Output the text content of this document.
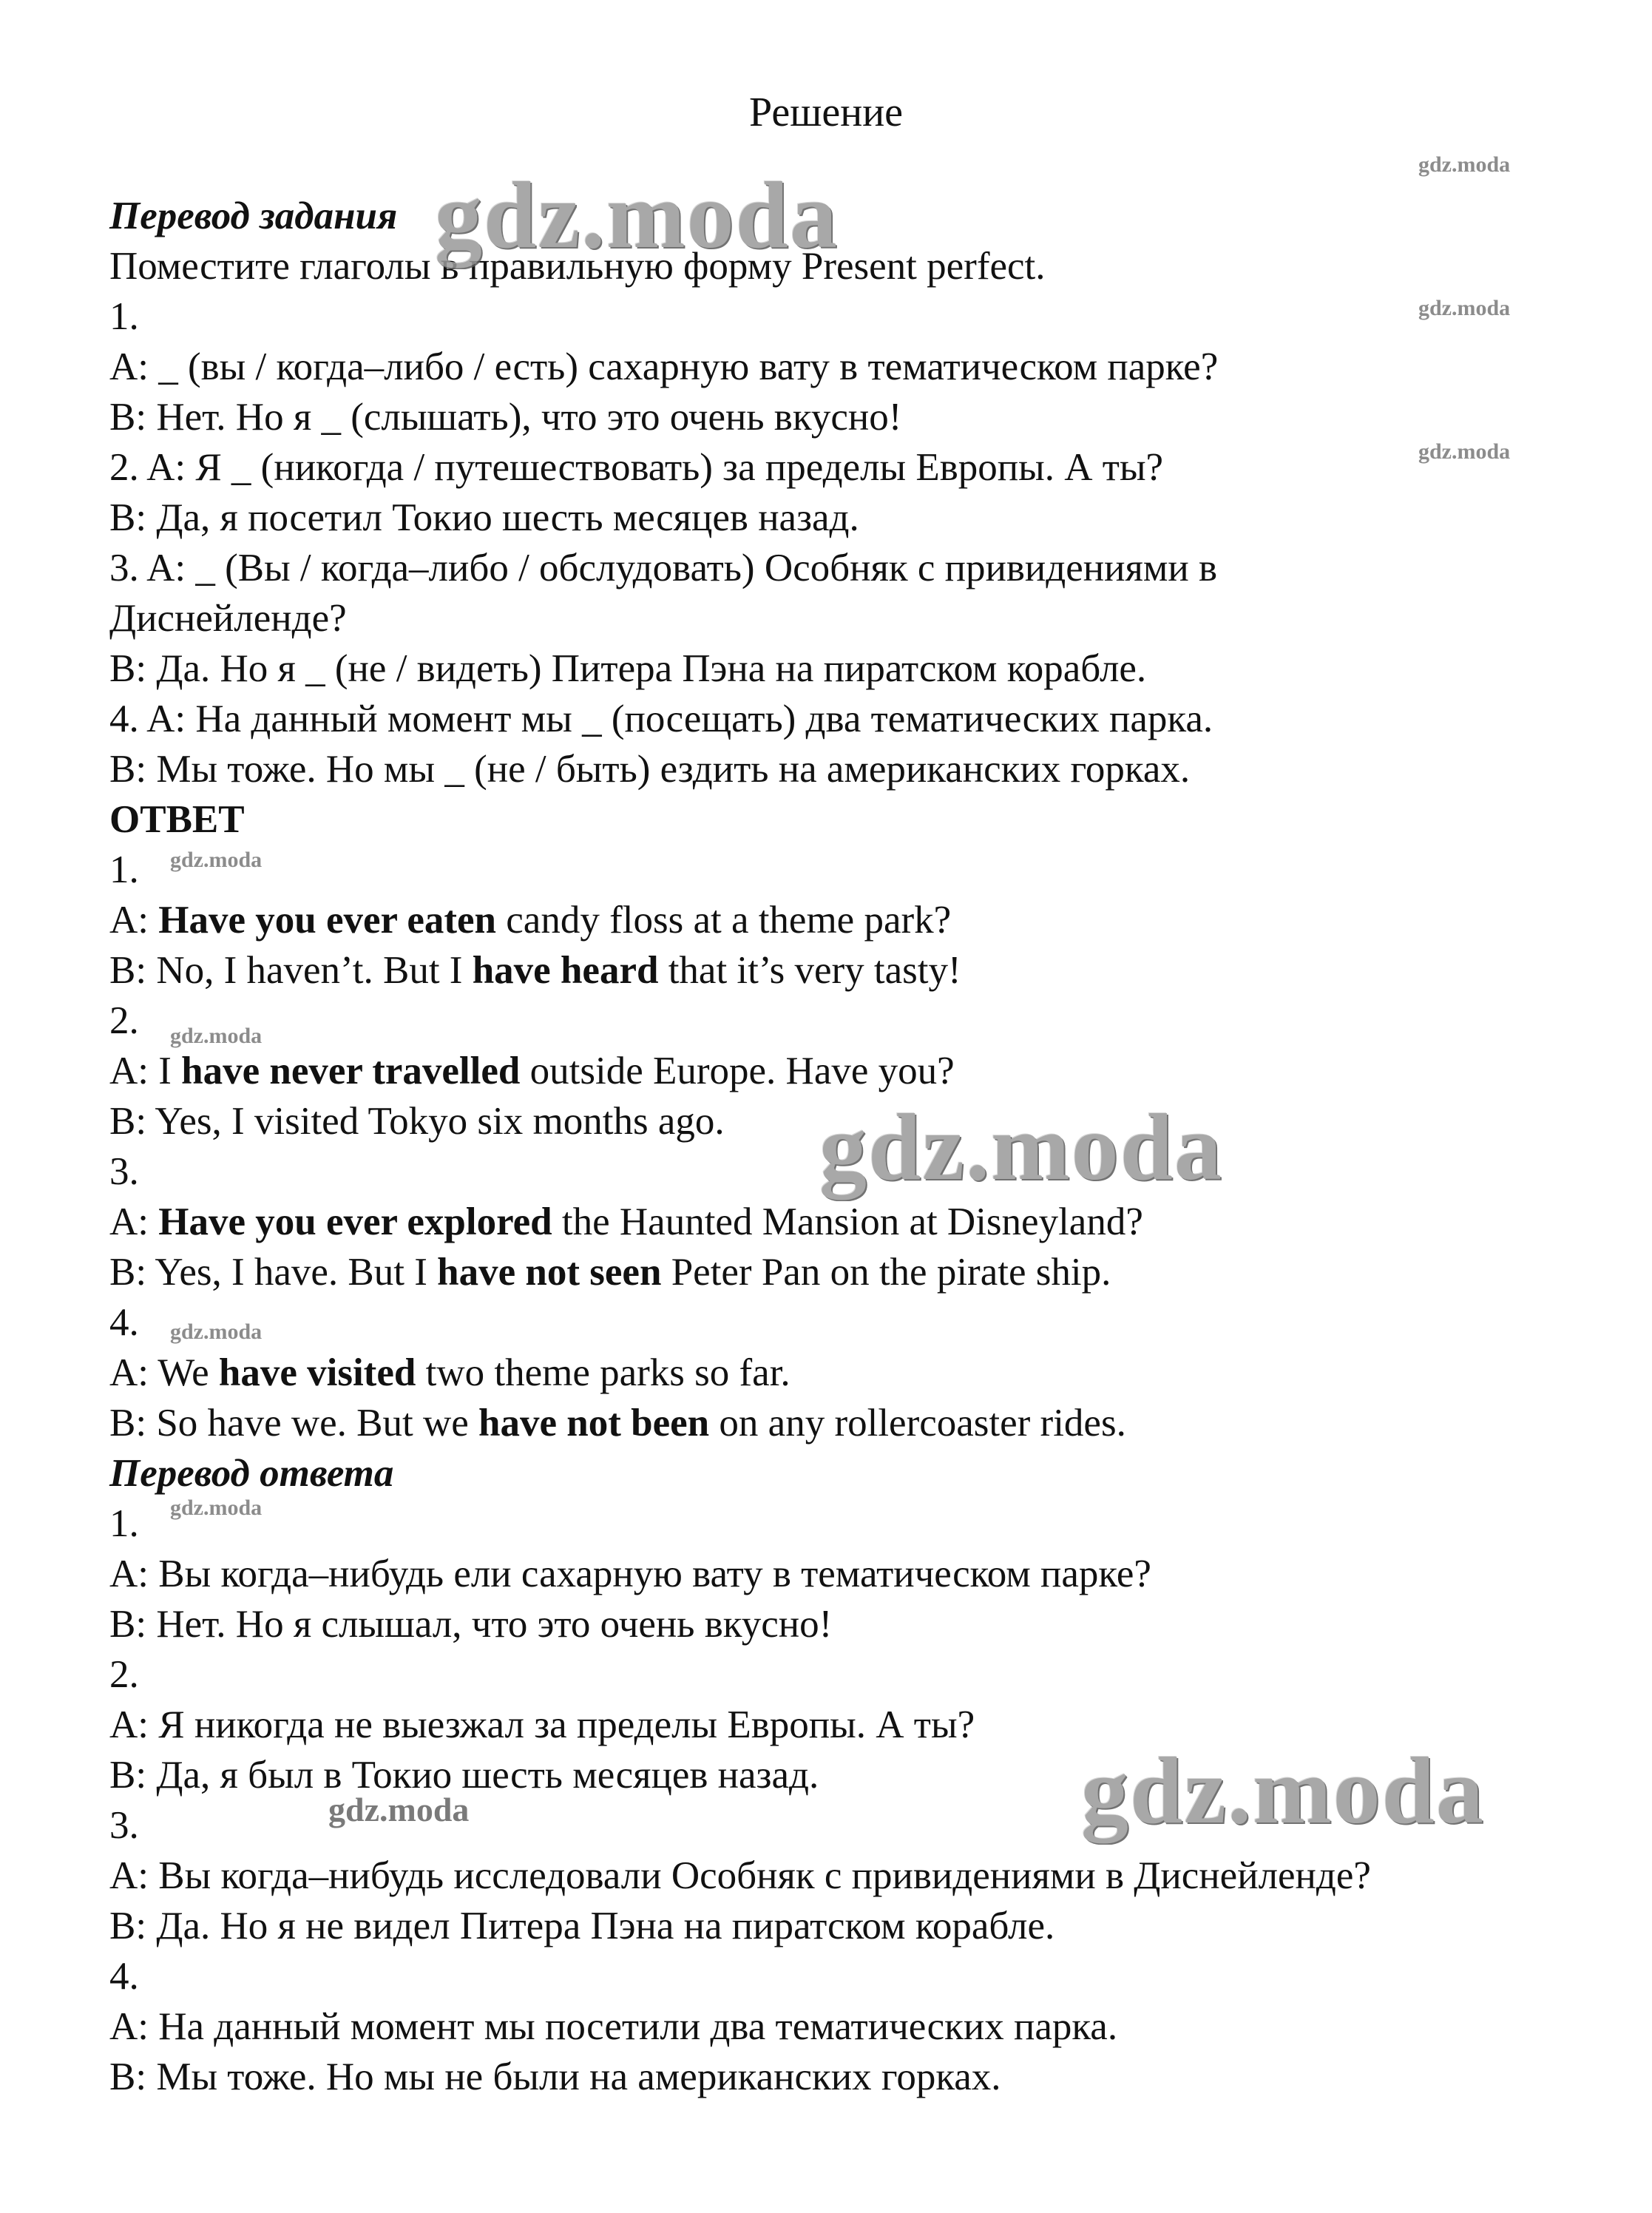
Решение
Перевод задания
Поместите глаголы в правильную форму Present perfect.
1.
A: _ (вы / когда–либо / есть) сахарную вату в тематическом парке?
B: Нет. Но я _ (слышать), что это очень вкусно!
2. A: Я _ (никогда / путешествовать) за пределы Европы. А ты?
B: Да, я посетил Токио шесть месяцев назад.
3. A: _ (Вы / когда–либо / обслудовать) Особняк с привидениями в
Диснейленде?
B: Да. Но я _ (не / видеть) Питера Пэна на пиратском корабле.
4. A: На данный момент мы _ (посещать) два тематических парка.
B: Мы тоже. Но мы _ (не / быть) ездить на американских горках.
ОТВЕТ
1.
A: Have you ever eaten candy floss at a theme park?
B: No, I haven’t. But I have heard that it’s very tasty!
2.
A: I have never travelled outside Europe. Have you?
B: Yes, I visited Tokyo six months ago.
3.
A: Have you ever explored the Haunted Mansion at Disneyland?
B: Yes, I have. But I have not seen Peter Pan on the pirate ship.
4.
A: We have visited two theme parks so far.
B: So have we. But we have not been on any rollercoaster rides.
Перевод ответа
1.
A: Вы когда–нибудь ели сахарную вату в тематическом парке?
B: Нет. Но я слышал, что это очень вкусно!
2.
A: Я никогда не выезжал за пределы Европы. А ты?
B: Да, я был в Токио шесть месяцев назад.
3.
A: Вы когда–нибудь исследовали Особняк с привидениями в Диснейленде?
B: Да. Но я не видел Питера Пэна на пиратском корабле.
4.
A: На данный момент мы посетили два тематических парка.
B: Мы тоже. Но мы не были на американских горках.
gdz.moda
gdz.moda
gdz.moda
gdz.moda
gdz.moda
gdz.moda
gdz.moda
gdz.moda
gdz.moda
gdz.moda
gdz.moda
